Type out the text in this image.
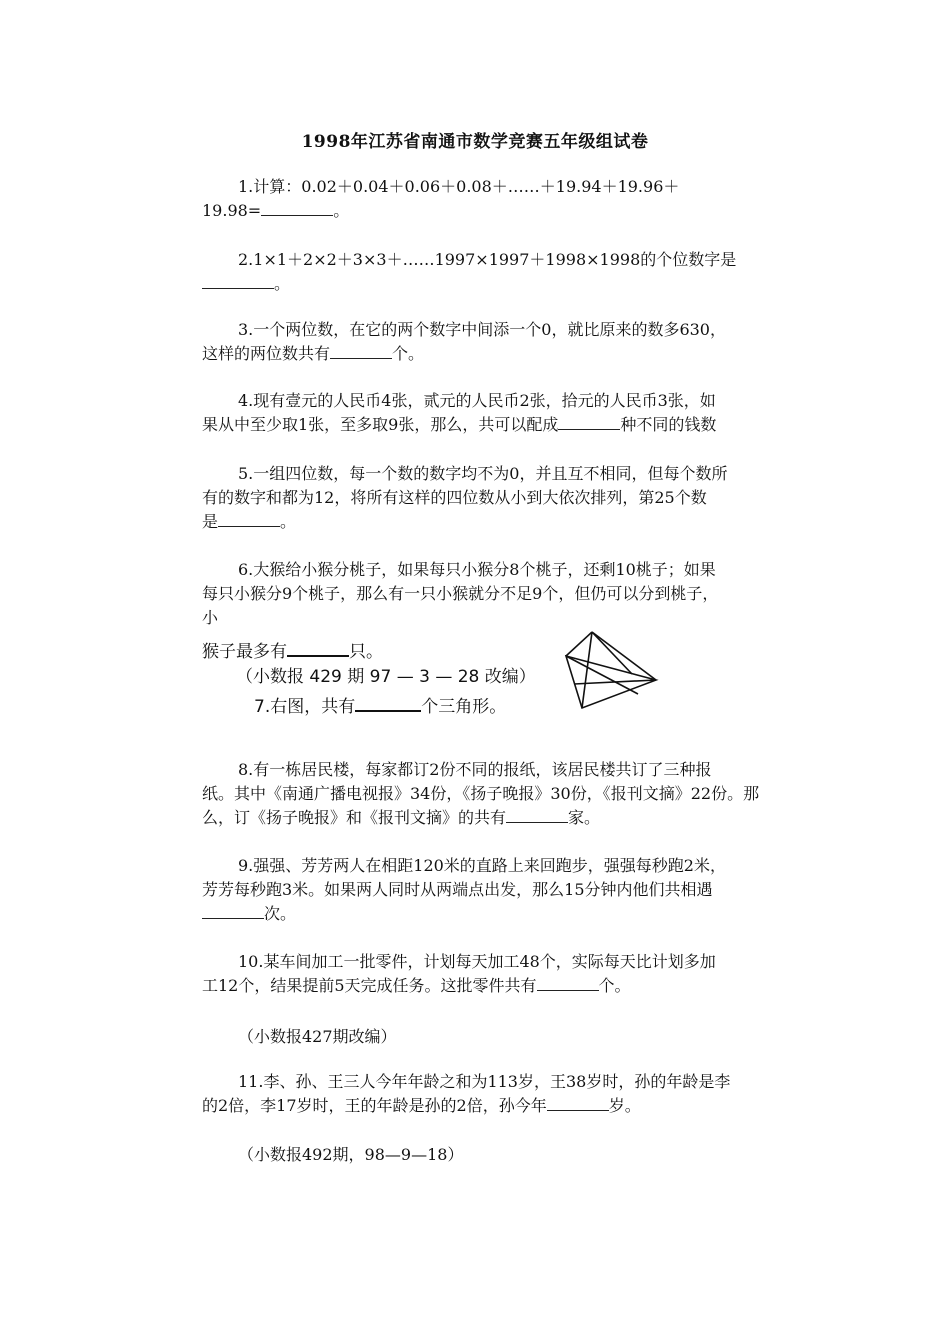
1998年江苏省南通市数学竞赛五年级组试卷
1.计算：0.02＋0.04＋0.06＋0.08＋……＋19.94＋19.96＋
19.98=	。
2.1×1＋2×2＋3×3＋……1997×1997＋1998×1998的个位数字是
。
3.一个两位数，在它的两个数字中间添一个0，就比原来的数多630，
这样的两位数共有	个。
4.现有壹元的人民币4张，贰元的人民币2张，拾元的人民币3张，如
果从中至少取1张，至多取9张，那么，共可以配成	种不同的钱数
5.一组四位数，每一个数的数字均不为0，并且互不相同，但每个数所
有的数字和都为12，将所有这样的四位数从小到大依次排列，第25个数
是	。
6.大猴给小猴分桃子，如果每只小猴分8个桃子，还剩10桃子；如果
每只小猴分9个桃子，那么有一只小猴就分不足9个，但仍可以分到桃子，
小
猴子最多有	只。
（小数报 429 期 97 — 3 — 28 改编）
7.右图，共有	个三角形。
8.有一栋居民楼，每家都订2份不同的报纸，该居民楼共订了三种报
纸。其中《南通广播电视报》34份，《扬子晚报》30份，《报刊文摘》22份。那
么，订《扬子晚报》和《报刊文摘》的共有	家。
9.强强、芳芳两人在相距120米的直路上来回跑步，强强每秒跑2米，
芳芳每秒跑3米。如果两人同时从两端点出发，那么15分钟内他们共相遇
次。
10.某车间加工一批零件，计划每天加工48个，实际每天比计划多加
工12个，结果提前5天完成任务。这批零件共有	个。
（小数报427期改编）
11.李、孙、王三人今年年龄之和为113岁，王38岁时，孙的年龄是李
的2倍，李17岁时，王的年龄是孙的2倍，孙今年	岁。
（小数报492期，98—9—18）
